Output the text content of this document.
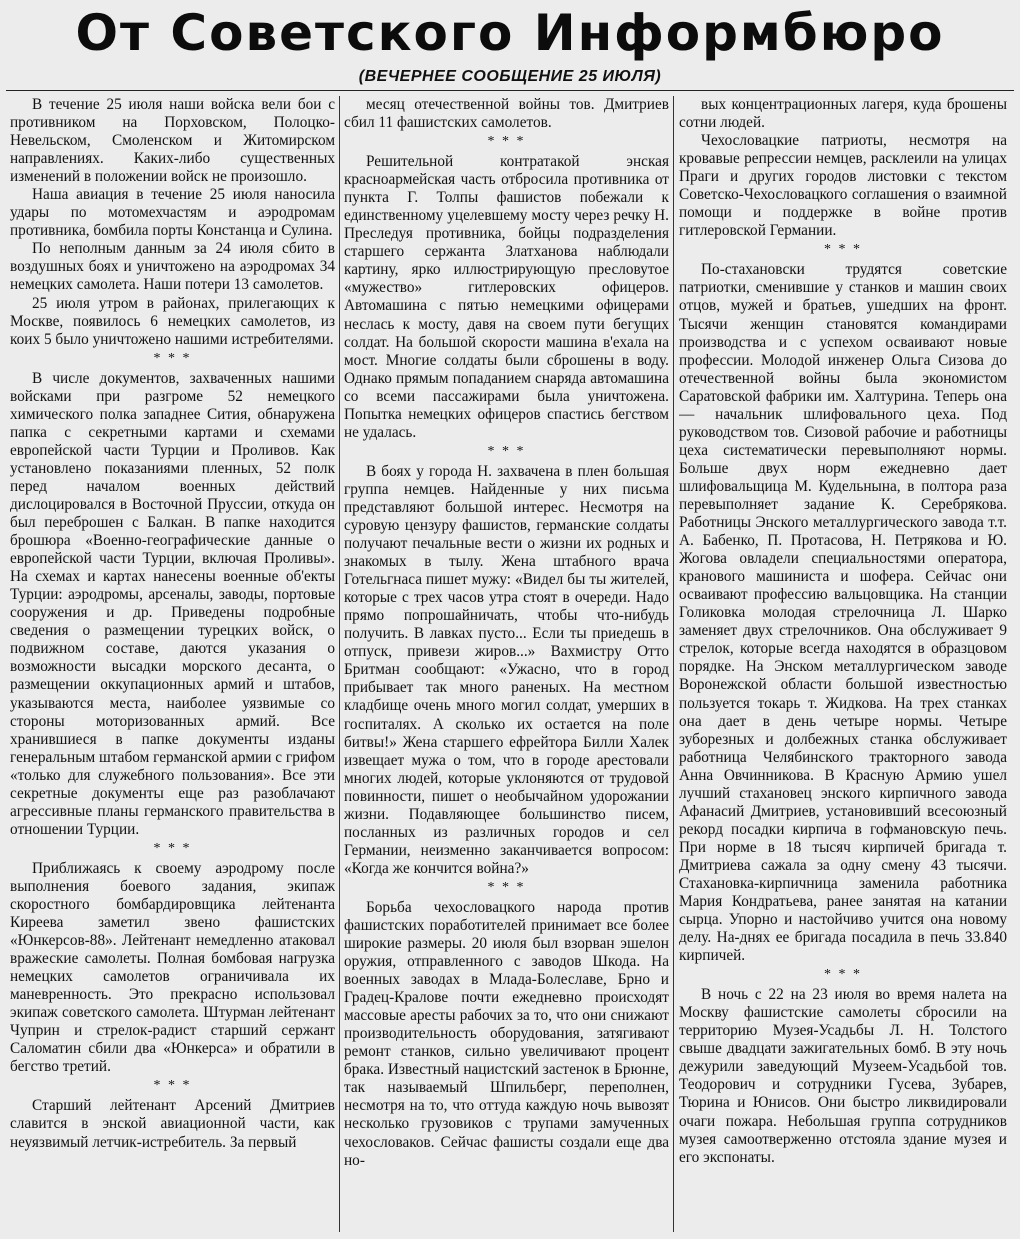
От Советского Информбюро
(ВЕЧЕРНЕЕ СООБЩЕНИЕ 25 ИЮЛЯ)

В течение 25 июля наши войска вели бои с противником на Порховском, Полоцко-Невельском, Смоленском и Житомирском направлениях. Каких-либо существенных изменений в положении войск не произошло.

Наша авиация в течение 25 июля наносила удары по мотомехчастям и аэродромам противника, бомбила порты Констанца и Сулина.

По неполным данным за 24 июля сбито в воздушных боях и уничтожено на аэродромах 34 немецких самолета. Наши потери 13 самолетов.

25 июля утром в районах, прилегающих к Москве, появилось 6 немецких самолетов, из коих 5 было уничтожено нашими истребителями.

* * *

В числе документов, захваченных нашими войсками при разгроме 52 немецкого химического полка западнее Сития, обнаружена папка с секретными картами и схемами европейской части Турции и Проливов. Как установлено показаниями пленных, 52 полк перед началом военных действий дислоцировался в Восточной Пруссии, откуда он был переброшен с Балкан. В папке находится брошюра «Военно-географические данные о европейской части Турции, включая Проливы». На схемах и картах нанесены военные об'екты Турции: аэродромы, арсеналы, заводы, портовые сооружения и др. Приведены подробные сведения о размещении турецких войск, о подвижном составе, даются указания о возможности высадки морского десанта, о размещении оккупационных армий и штабов, указываются места, наиболее уязвимые со стороны моторизованных армий. Все хранившиеся в папке документы изданы генеральным штабом германской армии с грифом «только для служебного пользования». Все эти секретные документы еще раз разоблачают агрессивные планы германского правительства в отношении Турции.

* * *

Приближаясь к своему аэродрому после выполнения боевого задания, экипаж скоростного бомбардировщика лейтенанта Киреева заметил звено фашистских «Юнкерсов-88». Лейтенант немедленно атаковал вражеские самолеты. Полная бомбовая нагрузка немецких самолетов ограничивала их маневренность. Это прекрасно использовал экипаж советского самолета. Штурман лейтенант Чуприн и стрелок-радист старший сержант Саломатин сбили два «Юнкерса» и обратили в бегство третий.

* * *

Старший лейтенант Арсений Дмитриев славится в энской авиационной части, как неуязвимый летчик-истребитель. За первый

месяц отечественной войны тов. Дмитриев сбил 11 фашистских самолетов.

* * *

Решительной контратакой энская красноармейская часть отбросила противника от пункта Г. Толпы фашистов побежали к единственному уцелевшему мосту через речку Н. Преследуя противника, бойцы подразделения старшего сержанта Златханова наблюдали картину, ярко иллюстрирующую пресловутое «мужество» гитлеровских офицеров. Автомашина с пятью немецкими офицерами неслась к мосту, давя на своем пути бегущих солдат. На большой скорости машина в'ехала на мост. Многие солдаты были сброшены в воду. Однако прямым попаданием снаряда автомашина со всеми пассажирами была уничтожена. Попытка немецких офицеров спастись бегством не удалась.

* * *

В боях у города Н. захвачена в плен большая группа немцев. Найденные у них письма представляют большой интерес. Несмотря на суровую цензуру фашистов, германские солдаты получают печальные вести о жизни их родных и знакомых в тылу. Жена штабного врача Готельгнаса пишет мужу: «Видел бы ты жителей, которые с трех часов утра стоят в очереди. Надо прямо попрошайничать, чтобы что-нибудь получить. В лавках пусто... Если ты приедешь в отпуск, привези жиров...» Вахмистру Отто Бритман сообщают: «Ужасно, что в город прибывает так много раненых. На местном кладбище очень много могил солдат, умерших в госпиталях. А сколько их остается на поле битвы!» Жена старшего ефрейтора Билли Халек извещает мужа о том, что в городе арестовали многих людей, которые уклоняются от трудовой повинности, пишет о необычайном удорожании жизни. Подавляющее большинство писем, посланных из различных городов и сел Германии, неизменно заканчивается вопросом: «Когда же кончится война?»

* * *

Борьба чехословацкого народа против фашистских поработителей принимает все более широкие размеры. 20 июля был взорван эшелон оружия, отправленного с заводов Шкода. На военных заводах в Млада-Болеславе, Брно и Градец-Кралове почти ежедневно происходят массовые аресты рабочих за то, что они снижают производительность оборудования, затягивают ремонт станков, сильно увеличивают процент брака. Известный нацистский застенок в Брюнне, так называемый Шпильберг, переполнен, несмотря на то, что оттуда каждую ночь вывозят несколько грузовиков с трупами замученных чехословаков. Сейчас фашисты создали еще два но-

вых концентрационных лагеря, куда брошены сотни людей.

Чехословацкие патриоты, несмотря на кровавые репрессии немцев, расклеили на улицах Праги и других городов листовки с текстом Советско-Чехословацкого соглашения о взаимной помощи и поддержке в войне против гитлеровской Германии.

* * *

По-стахановски трудятся советские патриотки, сменившие у станков и машин своих отцов, мужей и братьев, ушедших на фронт. Тысячи женщин становятся командирами производства и с успехом осваивают новые профессии. Молодой инженер Ольга Сизова до отечественной войны была экономистом Саратовской фабрики им. Халтурина. Теперь она — начальник шлифовального цеха. Под руководством тов. Сизовой рабочие и работницы цеха систематически перевыполняют нормы. Больше двух норм ежедневно дает шлифовальщица М. Кудельнына, в полтора раза перевыполняет задание К. Серебрякова. Работницы Энского металлургического завода т.т. А. Бабенко, П. Протасова, Н. Петрякова и Ю. Жогова овладели специальностями оператора, кранового машиниста и шофера. Сейчас они осваивают профессию вальцовщика. На станции Голиковка молодая стрелочница Л. Шарко заменяет двух стрелочников. Она обслуживает 9 стрелок, которые всегда находятся в образцовом порядке. На Энском металлургическом заводе Воронежской области большой известностью пользуется токарь т. Жидкова. На трех станках она дает в день четыре нормы. Четыре зуборезных и долбежных станка обслуживает работница Челябинского тракторного завода Анна Овчинникова. В Красную Армию ушел лучший стахановец энского кирпичного завода Афанасий Дмитриев, установивший всесоюзный рекорд посадки кирпича в гофмановскую печь. При норме в 18 тысяч кирпичей бригада т. Дмитриева сажала за одну смену 43 тысячи. Стахановка-кирпичница заменила работника Мария Кондратьева, ранее занятая на катании сырца. Упорно и настойчиво учится она новому делу. На-днях ее бригада посадила в печь 33.840 кирпичей.

* * *

В ночь с 22 на 23 июля во время налета на Москву фашистские самолеты сбросили на территорию Музея-Усадьбы Л. Н. Толстого свыше двадцати зажигательных бомб. В эту ночь дежурили заведующий Музеем-Усадьбой тов. Теодорович и сотрудники Гусева, Зубарев, Тюрина и Юнисов. Они быстро ликвидировали очаги пожара. Небольшая группа сотрудников музея самоотверженно отстояла здание музея и его экспонаты.
